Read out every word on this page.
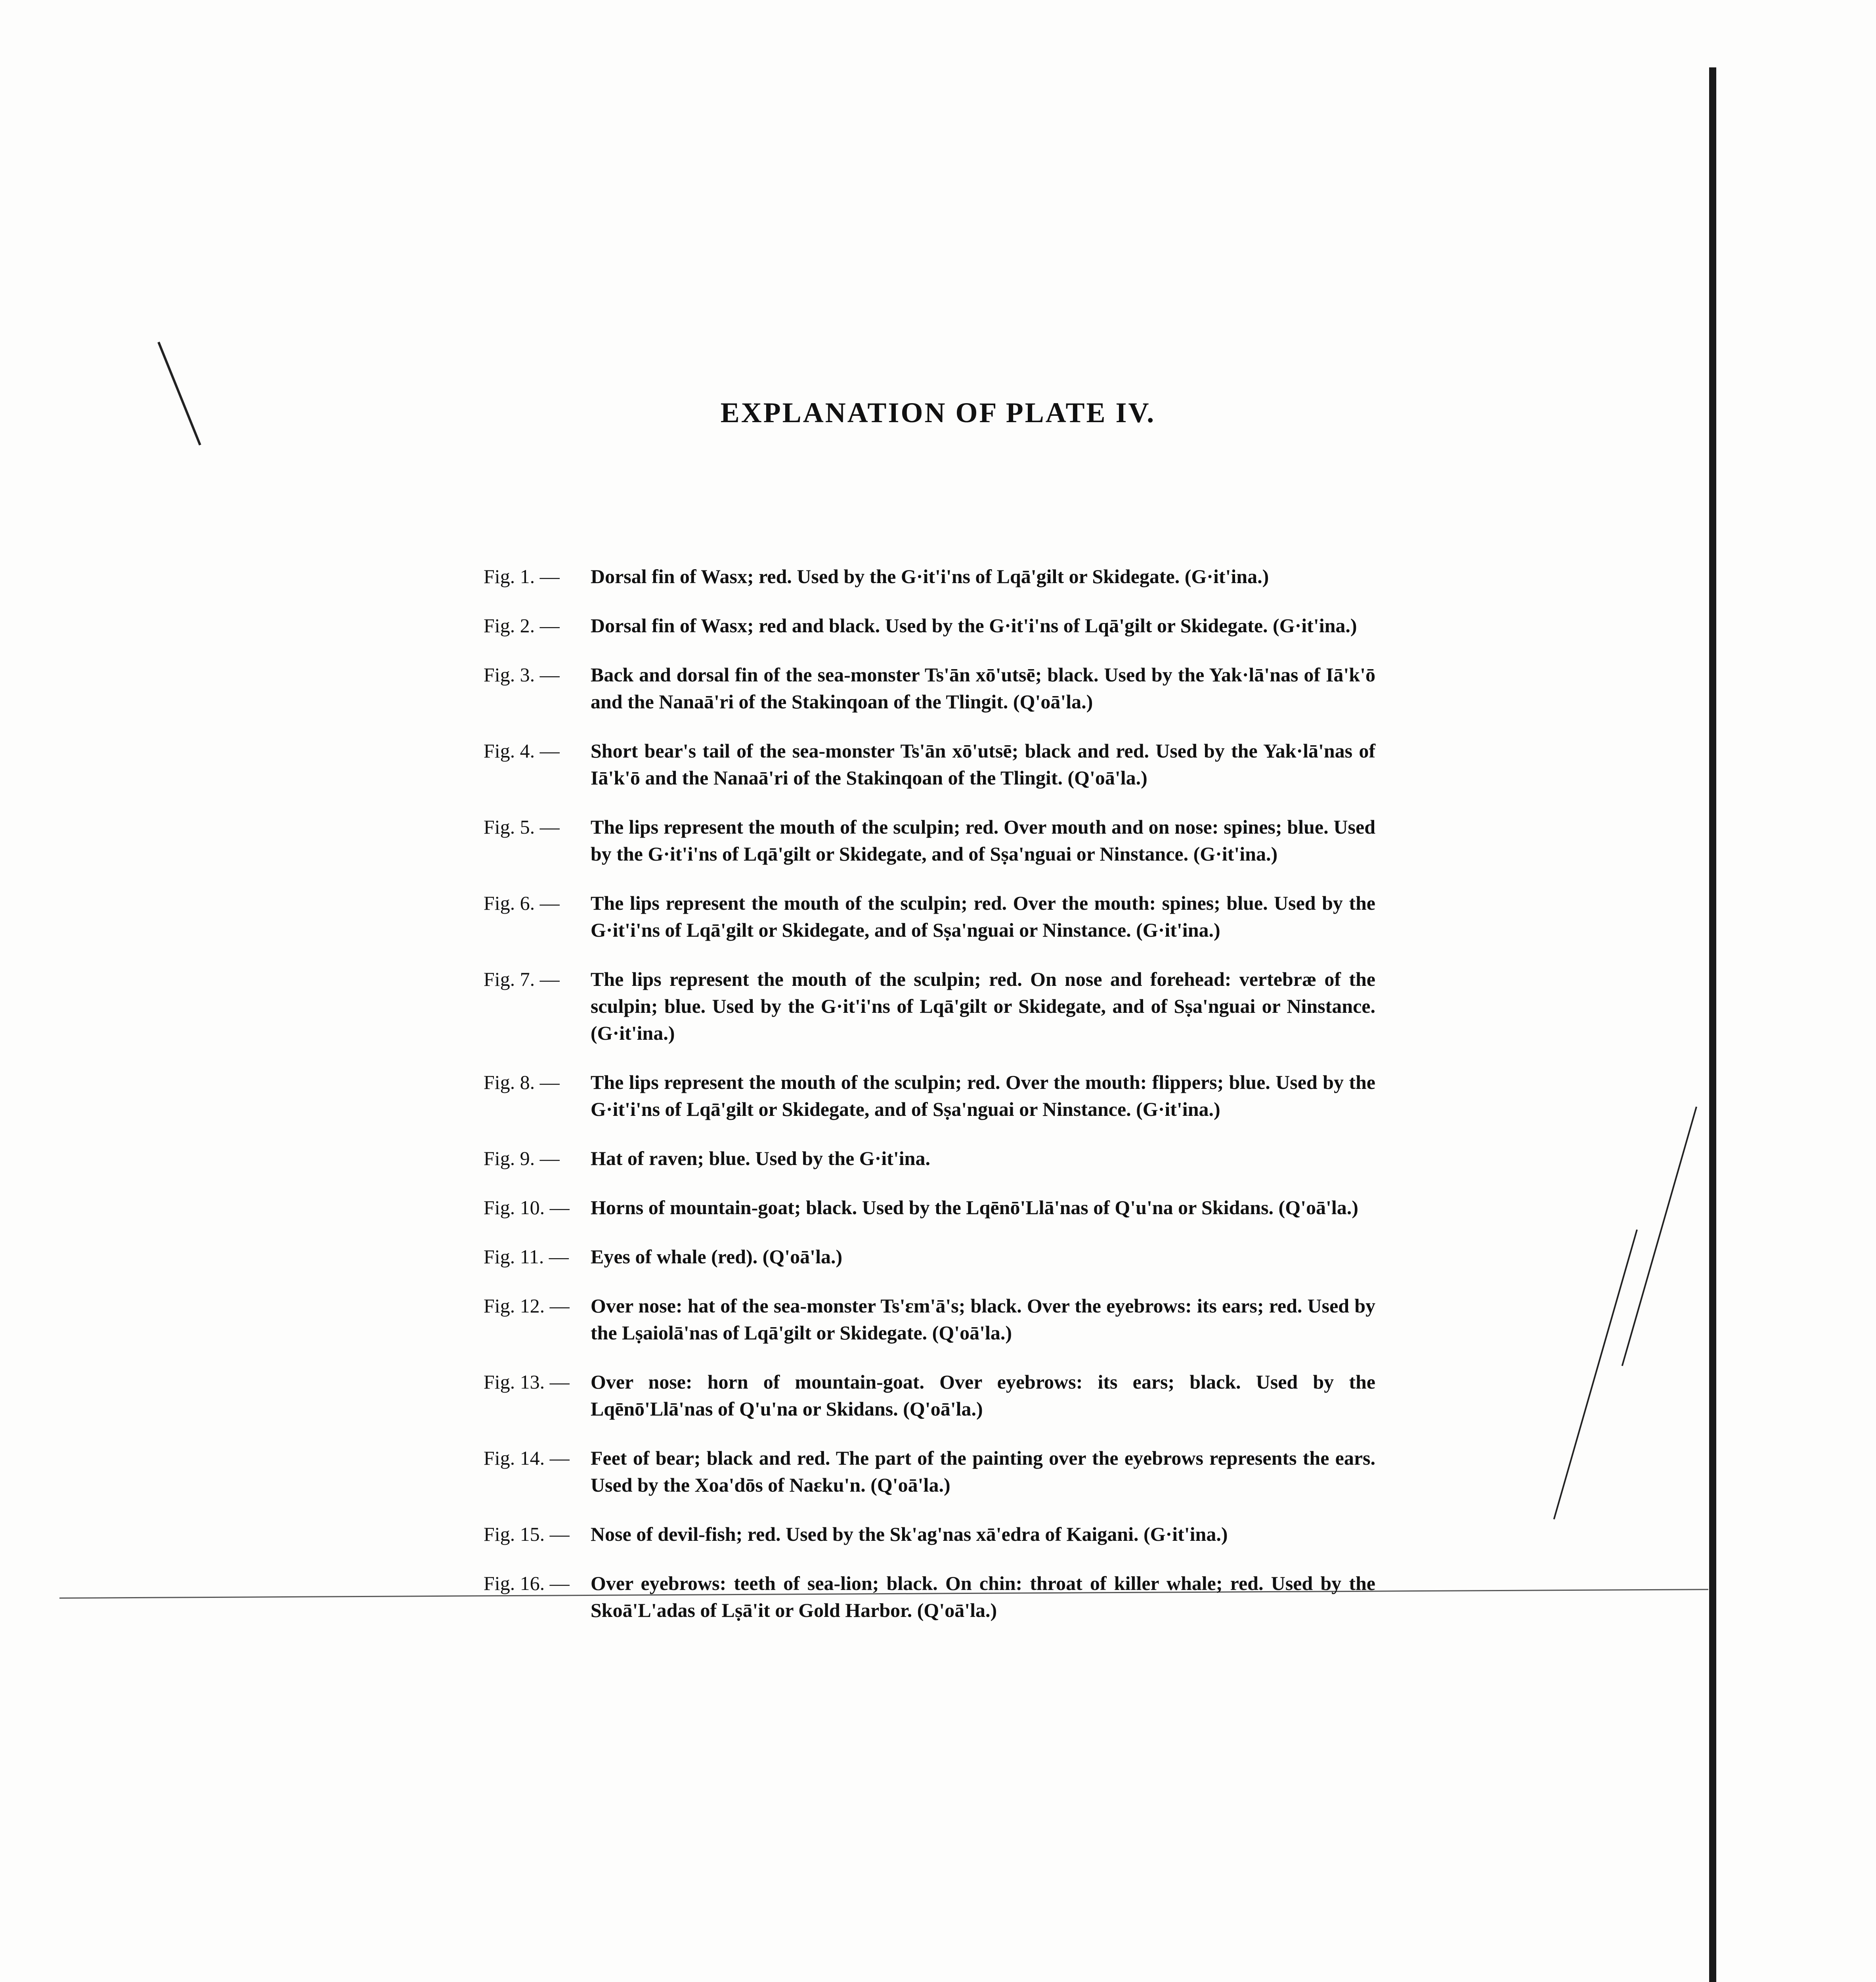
EXPLANATION OF PLATE IV.
Fig. 1. —	Dorsal fin of Wasx; red. Used by the G·it'i'ns of Lqā'gilt or Skidegate. (G·it'ina.)
Fig. 2. —	Dorsal fin of Wasx; red and black. Used by the G·it'i'ns of Lqā'gilt or Skidegate. (G·it'ina.)
Fig. 3. —	Back and dorsal fin of the sea-monster Ts'ān xō'utsē; black. Used by the Yak·lā'nas of Iā'k'ō and the Nanaā'ri of the Stakinqoan of the Tlingit. (Q'oā'la.)
Fig. 4. —	Short bear's tail of the sea-monster Ts'ān xō'utsē; black and red. Used by the Yak·lā'nas of Iā'k'ō and the Nanaā'ri of the Stakinqoan of the Tlingit. (Q'oā'la.)
Fig. 5. —	The lips represent the mouth of the sculpin; red. Over mouth and on nose: spines; blue. Used by the G·it'i'ns of Lqā'gilt or Skidegate, and of Sṣa'nguai or Ninstance. (G·it'ina.)
Fig. 6. —	The lips represent the mouth of the sculpin; red. Over the mouth: spines; blue. Used by the G·it'i'ns of Lqā'gilt or Skidegate, and of Sṣa'nguai or Ninstance. (G·it'ina.)
Fig. 7. —	The lips represent the mouth of the sculpin; red. On nose and forehead: vertebræ of the sculpin; blue. Used by the G·it'i'ns of Lqā'gilt or Skidegate, and of Sṣa'nguai or Ninstance. (G·it'ina.)
Fig. 8. —	The lips represent the mouth of the sculpin; red. Over the mouth: flippers; blue. Used by the G·it'i'ns of Lqā'gilt or Skidegate, and of Sṣa'nguai or Ninstance. (G·it'ina.)
Fig. 9. —	Hat of raven; blue. Used by the G·it'ina.
Fig. 10. —	Horns of mountain-goat; black. Used by the Lqēnō'Llā'nas of Q'u'na or Skidans. (Q'oā'la.)
Fig. 11. —	Eyes of whale (red). (Q'oā'la.)
Fig. 12. —	Over nose: hat of the sea-monster Ts'ɛm'ā's; black. Over the eyebrows: its ears; red. Used by the Lṣaiolā'nas of Lqā'gilt or Skidegate. (Q'oā'la.)
Fig. 13. —	Over nose: horn of mountain-goat. Over eyebrows: its ears; black. Used by the Lqēnō'Llā'nas of Q'u'na or Skidans. (Q'oā'la.)
Fig. 14. —	Feet of bear; black and red. The part of the painting over the eyebrows represents the ears. Used by the Xoa'dōs of Naɛku'n. (Q'oā'la.)
Fig. 15. —	Nose of devil-fish; red. Used by the Sk'ag'nas xā'edra of Kaigani. (G·it'ina.)
Fig. 16. —	Over eyebrows: teeth of sea-lion; black. On chin: throat of killer whale; red. Used by the Skoā'L'adas of Lṣā'it or Gold Harbor. (Q'oā'la.)
